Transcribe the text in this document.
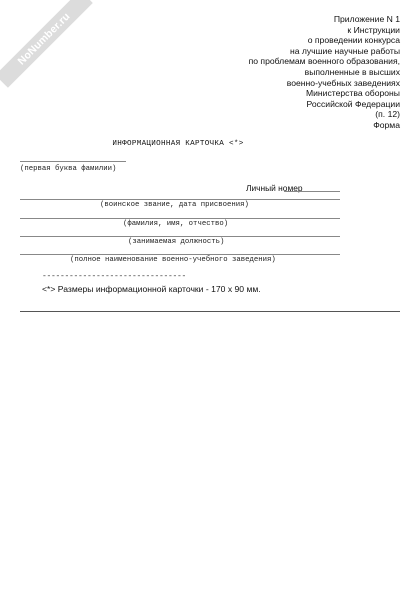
NoNumber.ru	Приложение N 1
к Инструкции
о проведении конкурса
на лучшие научные работы
по проблемам военного образования,
выполненные в высших
военно-учебных заведениях
Министерства обороны
Российской Федерации
(п. 12)
Форма
ИНФОРМАЦИОННАЯ КАРТОЧКА <*>
(первая буква фамилии)
Личный номер
(воинское звание, дата присвоения)
(фамилия, имя, отчество)
(занимаемая должность)
(полное наименование военно-учебного заведения)
--------------------------------
<*> Размеры информационной карточки - 170 x 90 мм.
